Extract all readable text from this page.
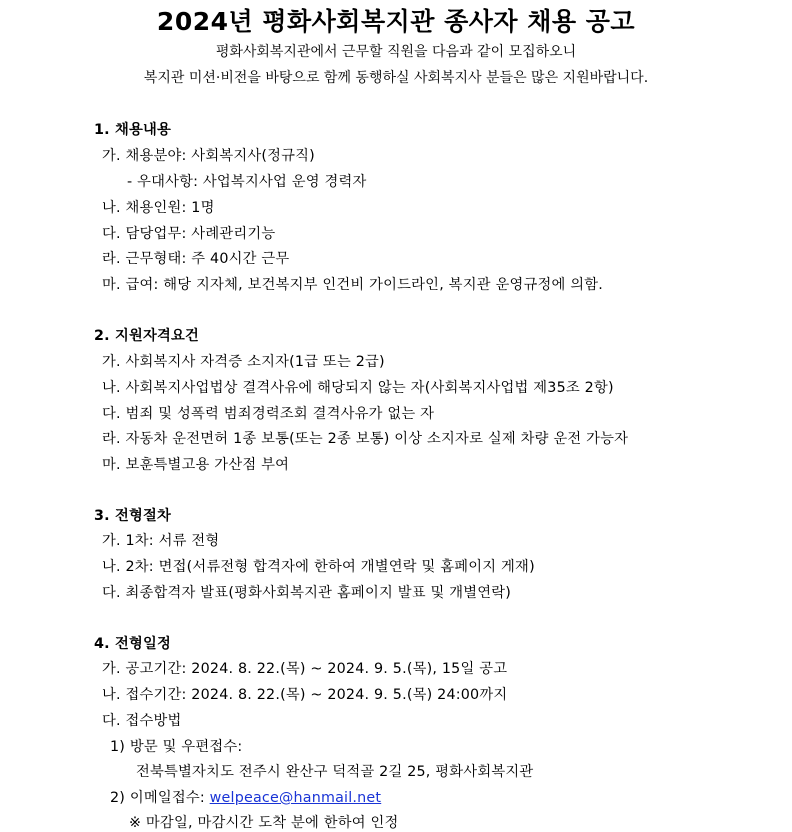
2024년 평화사회복지관 종사자 채용 공고
평화사회복지관에서 근무할 직원을 다음과 같이 모집하오니
복지관 미션·비전을 바탕으로 함께 동행하실 사회복지사 분들은 많은 지원바랍니다.
1. 채용내용
가. 채용분야: 사회복지사(정규직)
- 우대사항: 사업복지사업 운영 경력자
나. 채용인원: 1명
다. 담당업무: 사례관리기능
라. 근무형태: 주 40시간 근무
마. 급여: 해당 지자체, 보건복지부 인건비 가이드라인, 복지관 운영규정에 의함.
2. 지원자격요건
가. 사회복지사 자격증 소지자(1급 또는 2급)
나. 사회복지사업법상 결격사유에 해당되지 않는 자(사회복지사업법 제35조 2항)
다. 범죄 및 성폭력 범죄경력조회 결격사유가 없는 자
라. 자동차 운전면허 1종 보통(또는 2종 보통) 이상 소지자로 실제 차량 운전 가능자
마. 보훈특별고용 가산점 부여
3. 전형절차
가. 1차: 서류 전형
나. 2차: 면접(서류전형 합격자에 한하여 개별연락 및 홈페이지 게재)
다. 최종합격자 발표(평화사회복지관 홈페이지 발표 및 개별연락)
4. 전형일정
가. 공고기간: 2024. 8. 22.(목) ~ 2024. 9. 5.(목), 15일 공고
나. 접수기간: 2024. 8. 22.(목) ~ 2024. 9. 5.(목) 24:00까지
다. 접수방법
1) 방문 및 우편접수:
전북특별자치도 전주시 완산구 덕적골 2길 25, 평화사회복지관
2) 이메일접수: welpeace@hanmail.net
※ 마감일, 마감시간 도착 분에 한하여 인정
